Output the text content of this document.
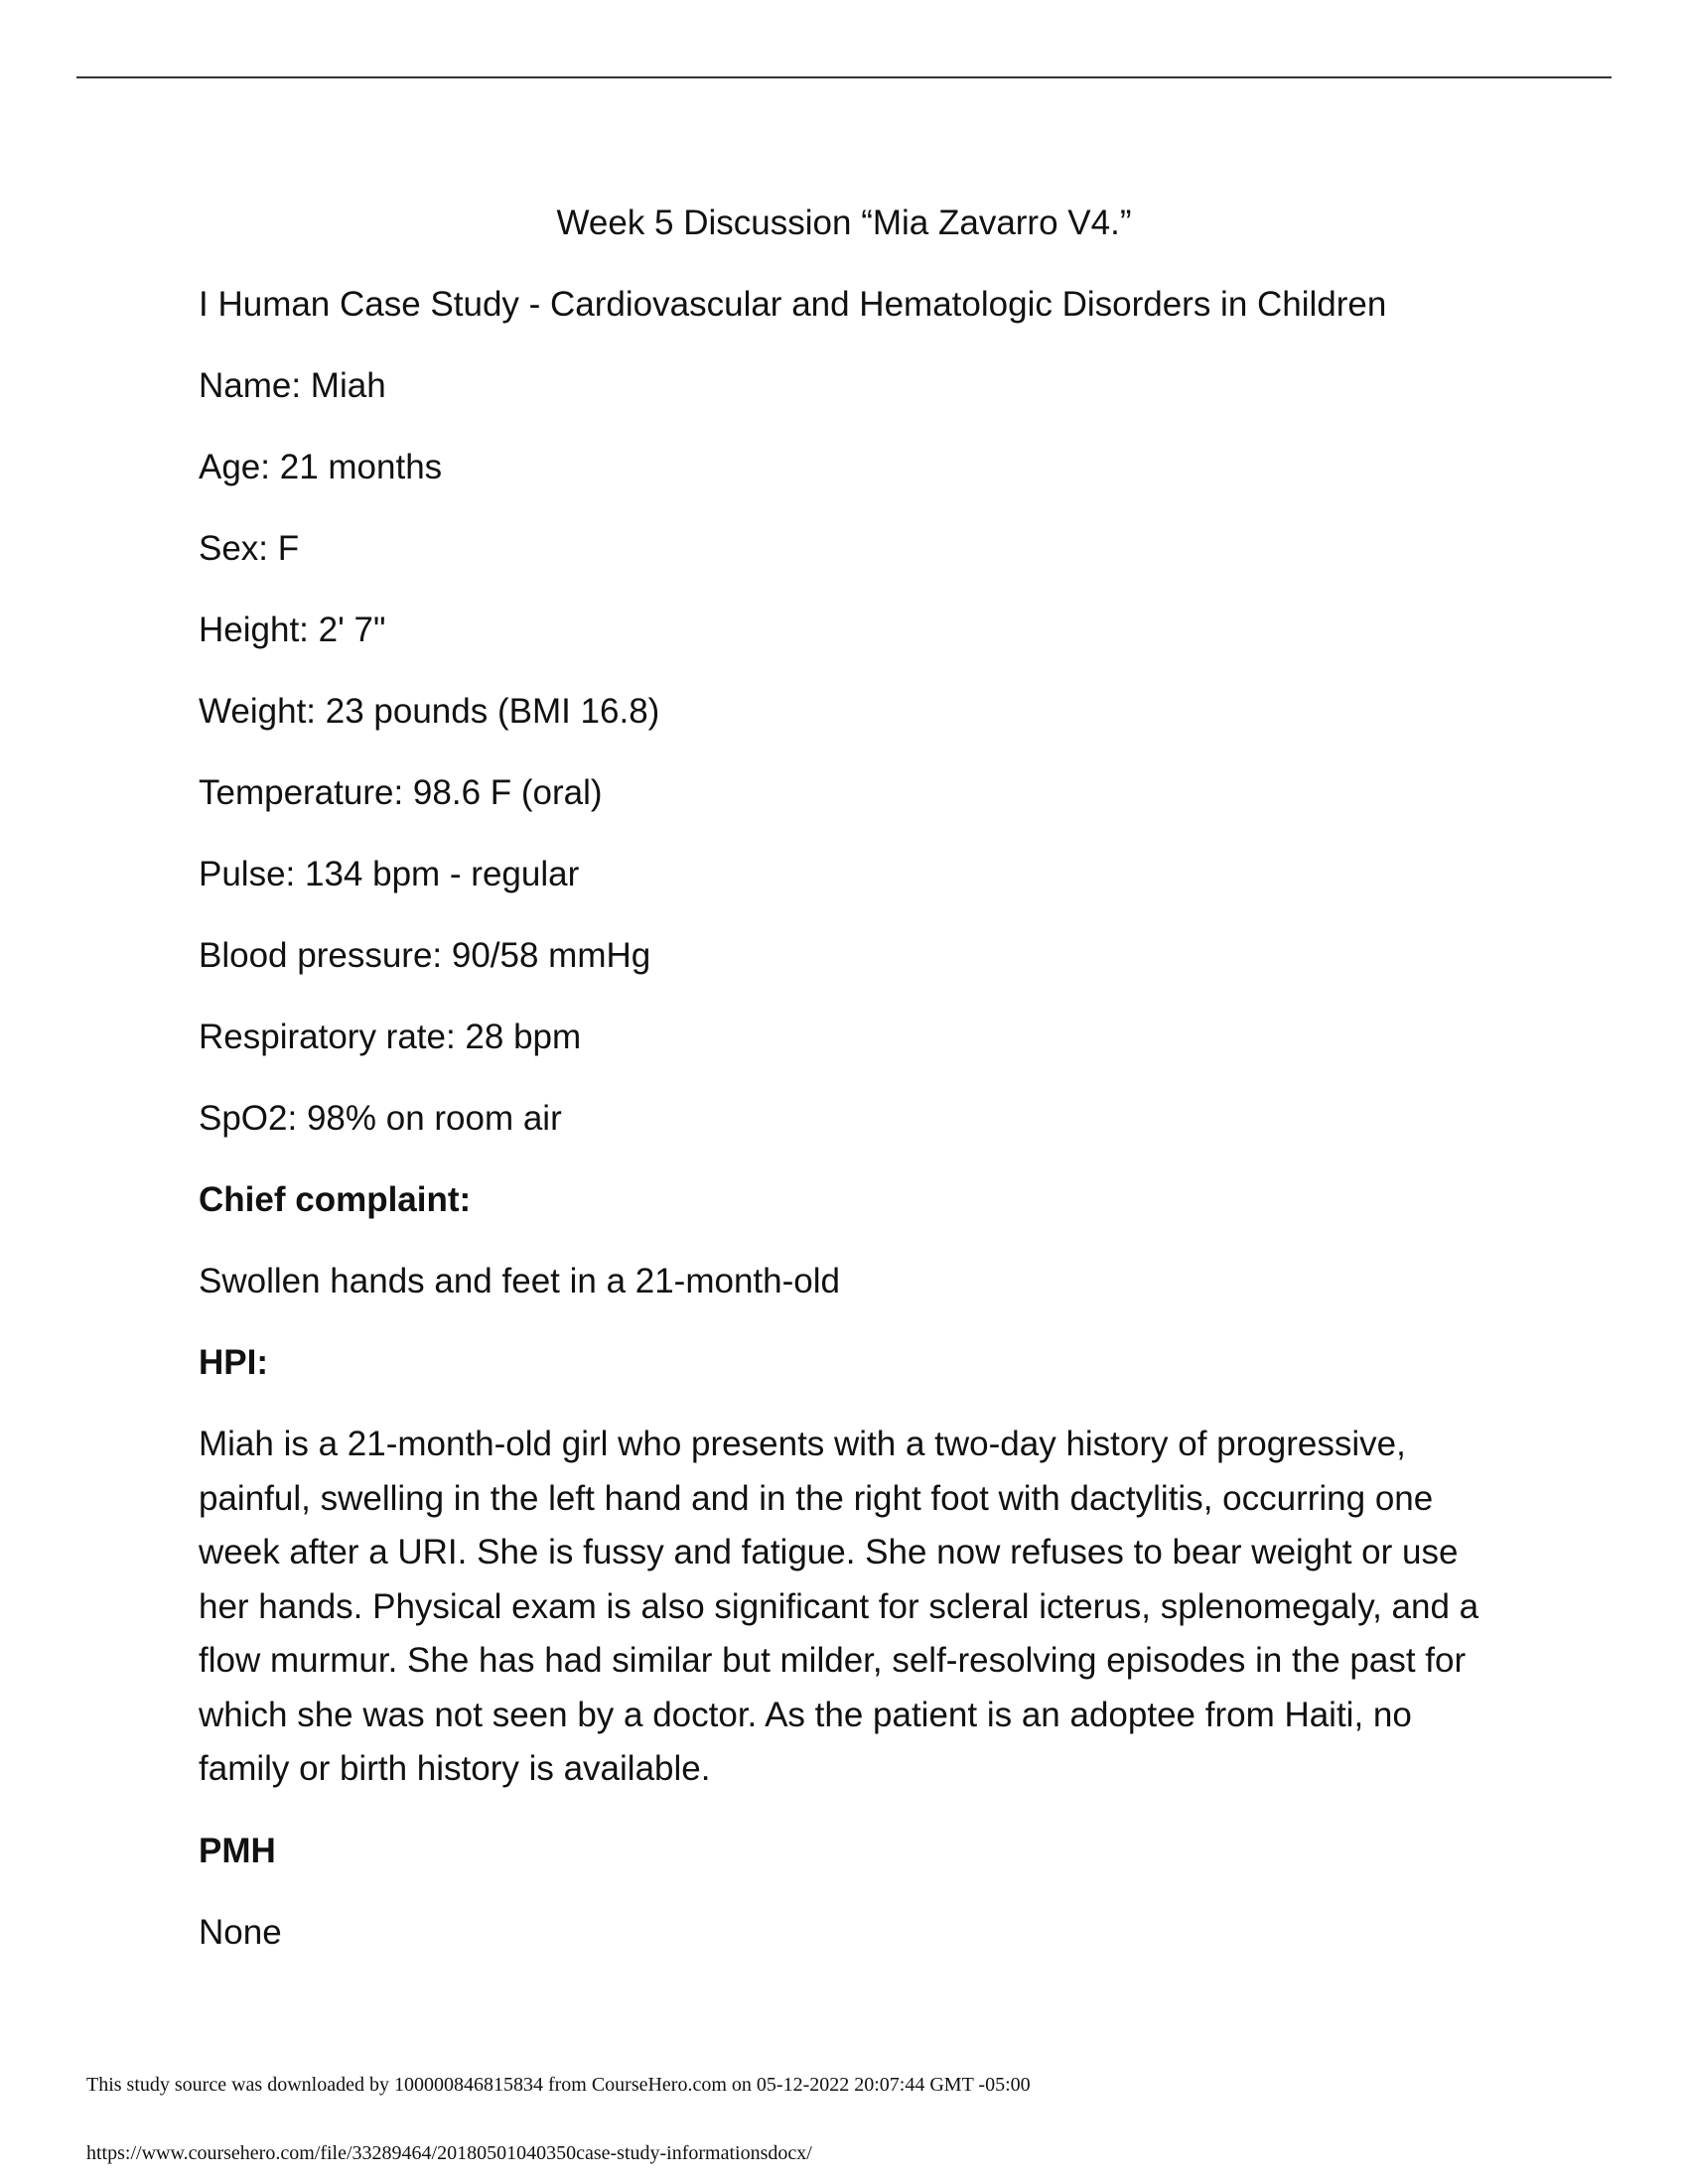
Week 5 Discussion “Mia Zavarro V4.”
I Human Case Study - Cardiovascular and Hematologic Disorders in Children
Name: Miah
Age: 21 months
Sex: F
Height: 2' 7"
Weight: 23 pounds (BMI 16.8)
Temperature: 98.6 F (oral)
Pulse: 134 bpm - regular
Blood pressure: 90/58 mmHg
Respiratory rate: 28 bpm
SpO2: 98% on room air
Chief complaint:
Swollen hands and feet in a 21-month-old
HPI:
Miah is a 21-month-old girl who presents with a two-day history of progressive, painful, swelling in the left hand and in the right foot with dactylitis, occurring one week after a URI. She is fussy and fatigue. She now refuses to bear weight or use her hands. Physical exam is also significant for scleral icterus, splenomegaly, and a flow murmur. She has had similar but milder, self-resolving episodes in the past for which she was not seen by a doctor. As the patient is an adoptee from Haiti, no family or birth history is available.
PMH
None
This study source was downloaded by 100000846815834 from CourseHero.com on 05-12-2022 20:07:44 GMT -05:00
https://www.coursehero.com/file/33289464/20180501040350case-study-informationsdocx/
